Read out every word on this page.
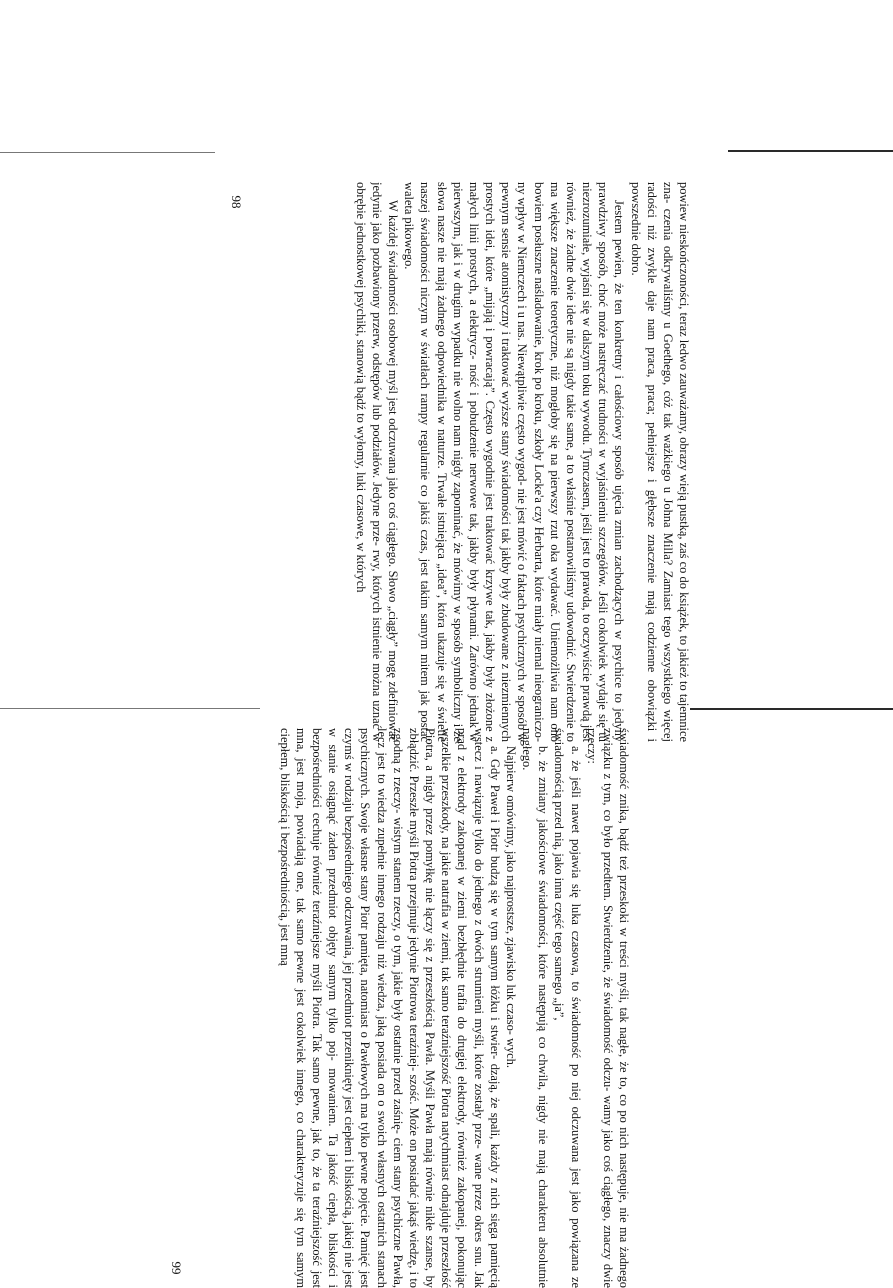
powiew nieskończoności, teraz ledwo zauważamy, obrazy wieją pustką, zaś co do książek, to jakież to tajemnice zna- czenia odkrywaliśmy u Goethego, cóż tak ważkiego u Johna Milla? Zamiast tego wszystkiego więcej radości niż zwykle daje nam praca, praca; pełniejsze i głębsze znaczenie mają codzienne obowiązki i powszednie dobro.

Jestem pewien, że ten konkretny i całościowy sposób ujęcia zmian zachodzących w psychice to jedyny prawdziwy sposób, choć może nastręczać trudności w wyjaśnieniu szczegółów. Jeśli cokolwiek wydaje się tu niezrozumiałe, wyjaśni się w dalszym toku wywodu. Tymczasem, jeśli jest to prawda, to oczywiście prawdą jest również, że żadne dwie idee nie są nigdy takie same, a to właśnie postanowiliśmy udowodnić. Stwierdzenie to ma większe znaczenie teoretyczne, niż mogłoby się na pierwszy rzut oka wydawać. Uniemożliwia nam ono bowiem posłuszne naśladowanie, krok po kroku, szkoły Locke'a czy Herbarta, które miały niemal nieograniczo- ny wpływ w Niemczech i u nas. Niewątpliwie często wygod- nie jest mówić o faktach psychicznych w sposób w pewnym sensie atomistyczny i traktować wyższe stany świadomości tak jakby były zbudowane z niezmiennych prostych idei, które „mijają i powracają”. Często wygodnie jest traktować krzywe tak, jakby były złożone z małych linii prostych, a elektrycz- ność i pobudzenie nerwowe tak, jakby były płynami. Zarówno jednak w pierwszym, jak i w drugim wypadku nie wolno nam nigdy zapominać, że mówimy w sposób symboliczny i że słowa nasze nie mają żadnego odpowiednika w naturze. Trwałe istniejąca „idea”, która ukazuje się w świetle naszej świadomości niczym w światłach rampy regularnie co jakiś czas, jest takim samym mitem jak postać waleta pikowego.

W każdej świadomości osobowej myśl jest odczuwana jako coś ciągłego. Słowo „ciągły” mogę zdefiniować jedynie jako pozbawiony przerw, odstępów lub podziałów. Jedyne prze- rwy, których istnienie można uznać w obrębie jednostkowej psychiki, stanowią bądź to wyłomy, luki czasowe, w których

98

świadomość znika, bądź też przeskoki w treści myśli, tak nagłe, że to, co po nich następuje, nie ma żadnego związku z tym, co było przedtem. Stwierdzenie, że świadomość odczu- wamy jako coś ciągłego, znaczy dwie rzeczy:

a. że jeśli nawet pojawia się luka czasowa, to świadomość po niej odczuwana jest jako powiązana ze świadomością przed nią, jako inna część tego samego „ja”,

b. że zmiany jakościowe świadomości, które następują co chwila, nigdy nie mają charakteru absolutnie nagłego.

Najpierw omówimy, jako najprostsze, zjawisko luk czaso- wych.

a. Gdy Paweł i Piotr budzą się w tym samym łóżku i stwier- dzają, że spali, każdy z nich sięga pamięcią wstecz i nawiązuje tylko do jednego z dwóch strumieni myśli, które zostały prze- wane przez okres snu. Jak prąd z elektrody zakopanej w ziemi bezbłędnie trafia do drugiej elektrody, również zakopanej, pokonując wszelkie przeszkody, na jakie natrafia w ziemi, tak samo teraźniejszość Piotra natychmiast odnajduje przeszłość Piotra, a nigdy przez pomyłkę nie łączy się z przeszłością Pawła. Myśli Pawła mają równie nikłe szanse, by zbłądzić. Przeszłe myśli Piotra przejmuje jedynie Piotrowa teraźniej- szość. Może on posiadać jakąś wiedzę, i to zgodną z rzeczy- wistym stanem rzeczy, o tym, jakie były ostatnie przed zaśnię- ciem stany psychiczne Pawła, lecz jest to wiedza zupełnie innego rodzaju niż wiedza, jaką posiada on o swoich własnych ostatnich stanach psychicznych. Swoje własne stany Piotr pamięta, natomiast o Pawłowych ma tylko pewne pojęcie. Pamięć jest czymś w rodzaju bezpośredniego odczuwania, jej przedmiot przeniknięty jest ciepłem i bliskością, jakiej nie jest w stanie osiągnąć żaden przedmiot objęty samym tylko poj- mowaniem. Ta jakość ciepła, bliskości i bezpośredniości cechuje również teraźniejsze myśli Piotra. Tak samo pewne, jak to, że ta teraźniejszość jest mna, jest moja, powiadają one, tak samo pewne jest cokolwiek innego, co charakteryzuje się tym samym ciepłem, bliskością i bezpośredniością, jest mną

99
